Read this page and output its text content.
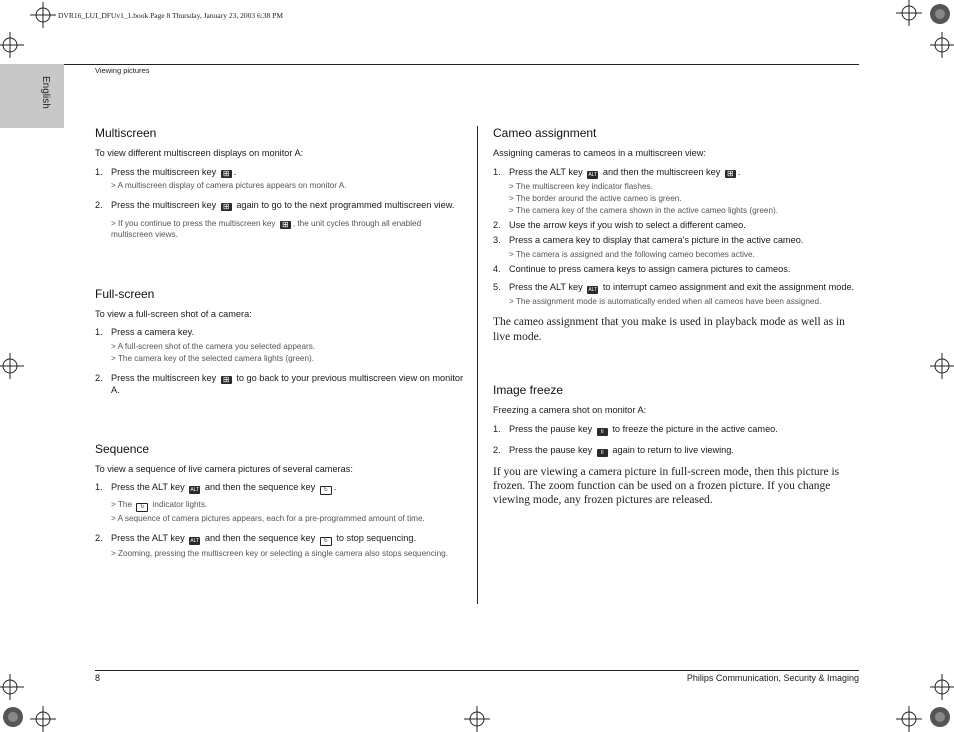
DVR16_LUI_DFUv1_1.book Page 8 Thursday, January 23, 2003 6:38 PM
English
Viewing pictures
Multiscreen

To view different multiscreen displays on monitor A:

1. Press the multiscreen key ⊞ .
> A multiscreen display of camera pictures appears on monitor A.
2. Press the multiscreen key ⊞ again to go to the next programmed multiscreen view.
> If you continue to press the multiscreen key ⊞ , the unit cycles through all enabled multiscreen views.
Full-screen

To view a full-screen shot of a camera:

1. Press a camera key.
> A full-screen shot of the camera you selected appears.
> The camera key of the selected camera lights (green).
2. Press the multiscreen key ⊞ to go back to your previous multiscreen view on monitor A.
Sequence

To view a sequence of live camera pictures of several cameras:

1. Press the ALT key ALT and then the sequence key ↻ .
> The ↻ indicator lights.
> A sequence of camera pictures appears, each for a pre-programmed amount of time.
2. Press the ALT key ALT and then the sequence key ↻ to stop sequencing.
> Zooming, pressing the multiscreen key or selecting a single camera also stops sequencing.
Cameo assignment

Assigning cameras to cameos in a multiscreen view:

1. Press the ALT key ALT and then the multiscreen key ⊞ .
> The multiscreen key indicator flashes.
> The border around the active cameo is green.
> The camera key of the camera shown in the active cameo lights (green).
2. Use the arrow keys if you wish to select a different cameo.
3. Press a camera key to display that camera's picture in the active cameo.
> The camera is assigned and the following cameo becomes active.
4. Continue to press camera keys to assign camera pictures to cameos.
5. Press the ALT key ALT to interrupt cameo assignment and exit the assignment mode.
> The assignment mode is automatically ended when all cameos have been assigned.

The cameo assignment that you make is used in playback mode as well as in live mode.

Image freeze

Freezing a camera shot on monitor A:

1. Press the pause key II to freeze the picture in the active cameo.
2. Press the pause key II again to return to live viewing.

If you are viewing a camera picture in full-screen mode, then this picture is frozen. The zoom function can be used on a frozen picture. If you change viewing mode, any frozen pictures are released.

8	Philips Communication, Security & Imaging
